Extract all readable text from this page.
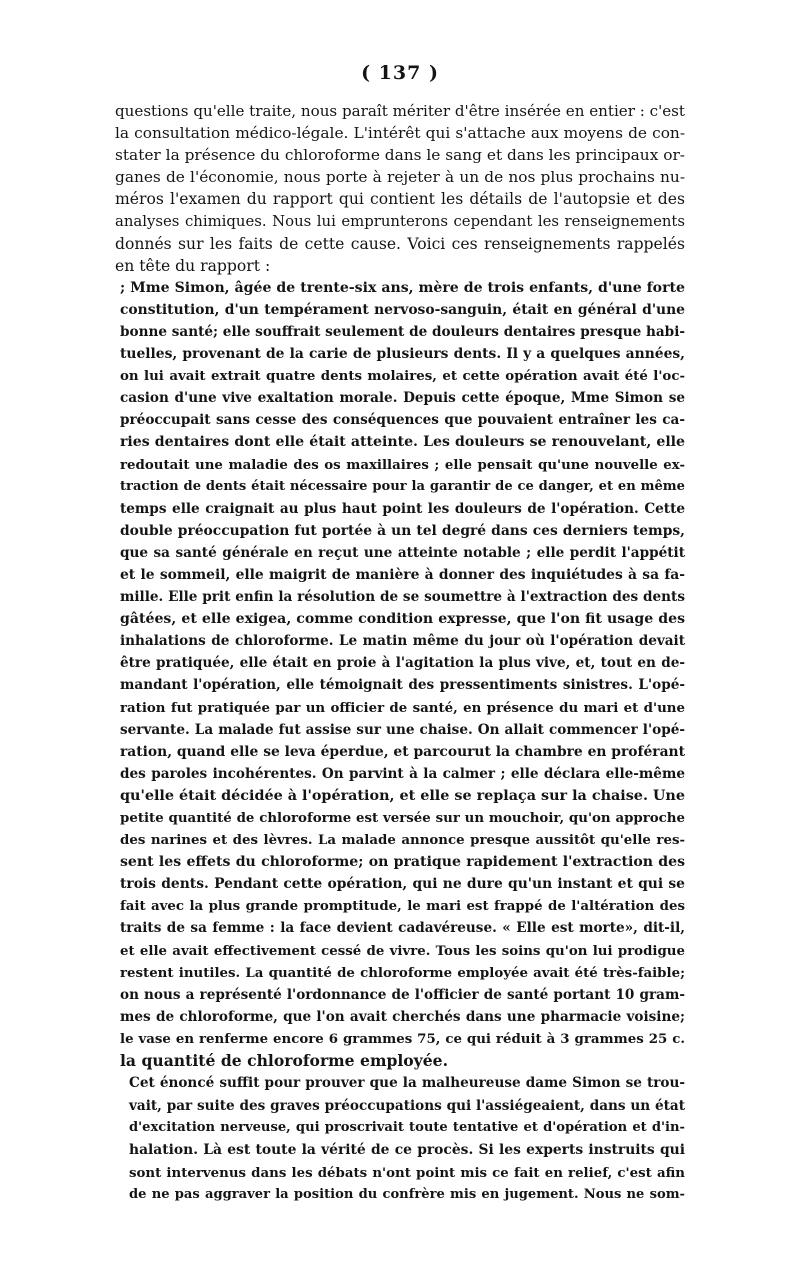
( 137 )

questions qu'elle traite, nous paraît mériter d'être insérée en entier : c'est
la consultation médico-légale. L'intérêt qui s'attache aux moyens de con-
stater la présence du chloroforme dans le sang et dans les principaux or-
ganes de l'économie, nous porte à rejeter à un de nos plus prochains nu-
méros l'examen du rapport qui contient les détails de l'autopsie et des
analyses chimiques. Nous lui emprunterons cependant les renseignements
donnés sur les faits de cette cause. Voici ces renseignements rappelés
en tête du rapport :

; Mme Simon, âgée de trente-six ans, mère de trois enfants, d'une forte
constitution, d'un tempérament nervoso-sanguin, était en général d'une
bonne santé; elle souffrait seulement de douleurs dentaires presque habi-
tuelles, provenant de la carie de plusieurs dents. Il y a quelques années,
on lui avait extrait quatre dents molaires, et cette opération avait été l'oc-
casion d'une vive exaltation morale. Depuis cette époque, Mme Simon se
préoccupait sans cesse des conséquences que pouvaient entraîner les ca-
ries dentaires dont elle était atteinte. Les douleurs se renouvelant, elle
redoutait une maladie des os maxillaires ; elle pensait qu'une nouvelle ex-
traction de dents était nécessaire pour la garantir de ce danger, et en même
temps elle craignait au plus haut point les douleurs de l'opération. Cette
double préoccupation fut portée à un tel degré dans ces derniers temps,
que sa santé générale en reçut une atteinte notable ; elle perdit l'appétit
et le sommeil, elle maigrit de manière à donner des inquiétudes à sa fa-
mille. Elle prit enfin la résolution de se soumettre à l'extraction des dents
gâtées, et elle exigea, comme condition expresse, que l'on fit usage des
inhalations de chloroforme. Le matin même du jour où l'opération devait
être pratiquée, elle était en proie à l'agitation la plus vive, et, tout en de-
mandant l'opération, elle témoignait des pressentiments sinistres. L'opé-
ration fut pratiquée par un officier de santé, en présence du mari et d'une
servante. La malade fut assise sur une chaise. On allait commencer l'opé-
ration, quand elle se leva éperdue, et parcourut la chambre en proférant
des paroles incohérentes. On parvint à la calmer ; elle déclara elle-même
qu'elle était décidée à l'opération, et elle se replaça sur la chaise. Une
petite quantité de chloroforme est versée sur un mouchoir, qu'on approche
des narines et des lèvres. La malade annonce presque aussitôt qu'elle res-
sent les effets du chloroforme; on pratique rapidement l'extraction des
trois dents. Pendant cette opération, qui ne dure qu'un instant et qui se
fait avec la plus grande promptitude, le mari est frappé de l'altération des
traits de sa femme : la face devient cadavéreuse. « Elle est morte», dit-il,
et elle avait effectivement cessé de vivre. Tous les soins qu'on lui prodigue
restent inutiles. La quantité de chloroforme employée avait été très-faible;
on nous a représenté l'ordonnance de l'officier de santé portant 10 gram-
mes de chloroforme, que l'on avait cherchés dans une pharmacie voisine;
le vase en renferme encore 6 grammes 75, ce qui réduit à 3 grammes 25 c.
la quantité de chloroforme employée.

Cet énoncé suffit pour prouver que la malheureuse dame Simon se trou-
vait, par suite des graves préoccupations qui l'assiégeaient, dans un état
d'excitation nerveuse, qui proscrivait toute tentative et d'opération et d'in-
halation. Là est toute la vérité de ce procès. Si les experts instruits qui
sont intervenus dans les débats n'ont point mis ce fait en relief, c'est afin
de ne pas aggraver la position du confrère mis en jugement. Nous ne som-
